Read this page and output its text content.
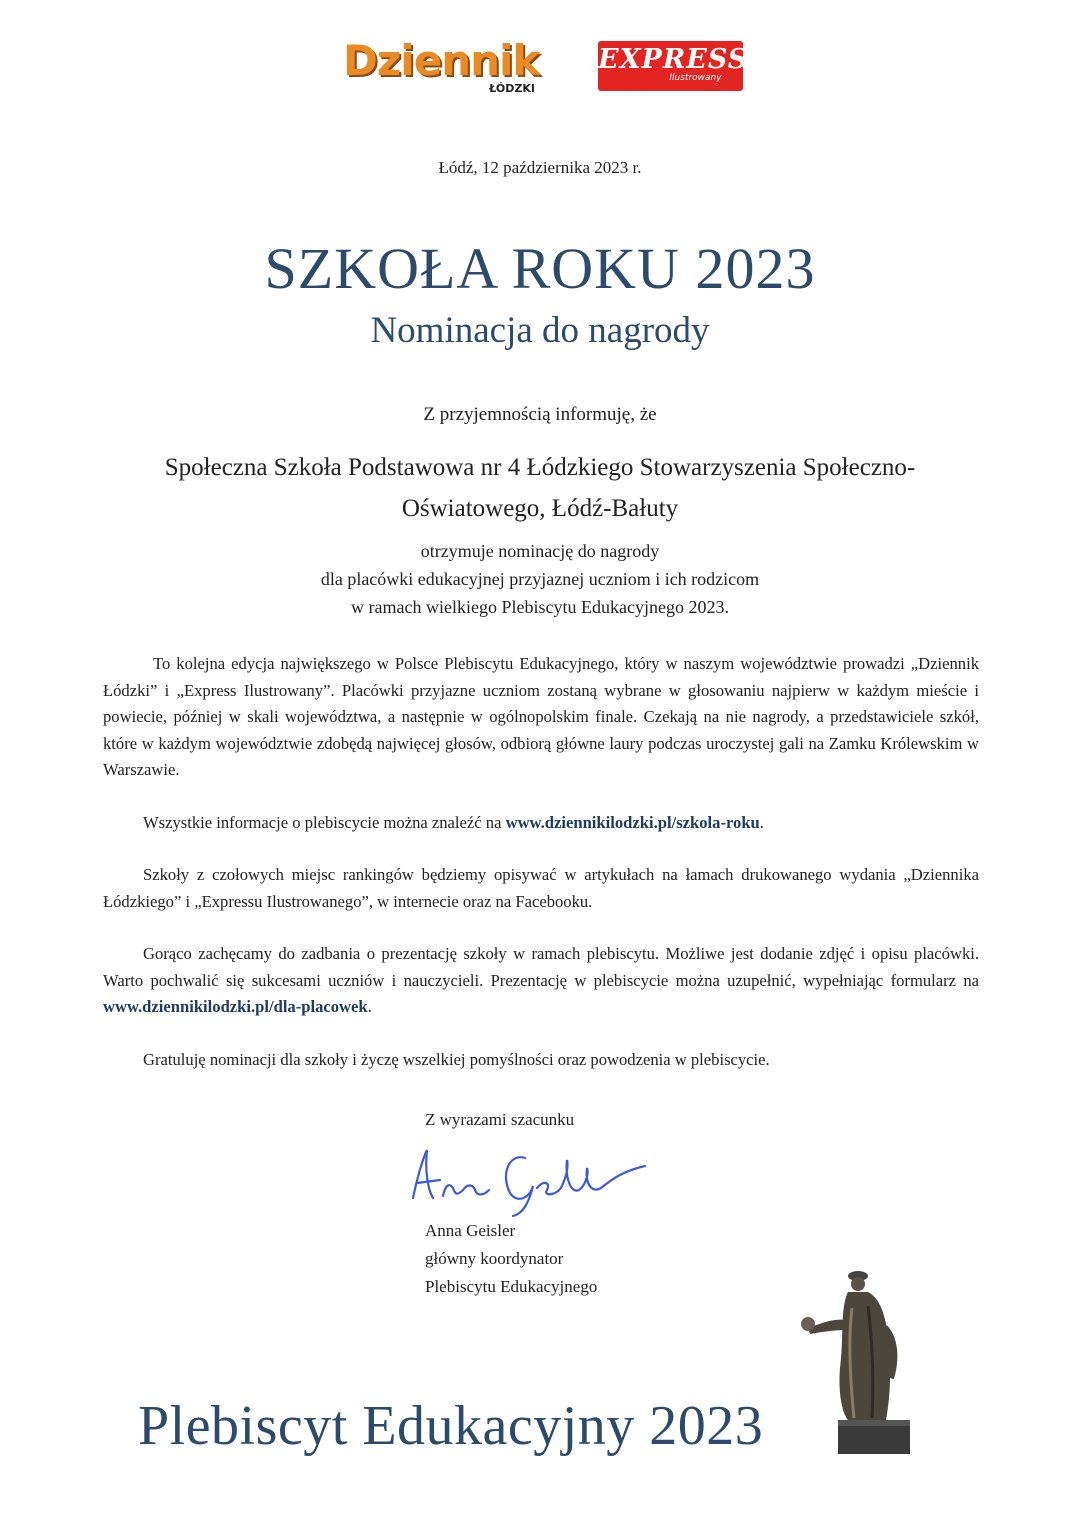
Dziennik
ŁÓDZKI
EXPRESS
Ilustrowany
Łódź, 12 października 2023 r.
SZKOŁA ROKU 2023
Nominacja do nagrody
Z przyjemnością informuję, że
Społeczna Szkoła Podstawowa nr 4 Łódzkiego Stowarzyszenia Społeczno-
Oświatowego, Łódź-Bałuty
otrzymuje nominację do nagrody
dla placówki edukacyjnej przyjaznej uczniom i ich rodzicom
w ramach wielkiego Plebiscytu Edukacyjnego 2023.

To kolejna edycja największego w Polsce Plebiscytu Edukacyjnego, który w naszym województwie prowadzi „Dziennik Łódzki” i „Express Ilustrowany”. Placówki przyjazne uczniom zostaną wybrane w głosowaniu najpierw w każdym mieście i powiecie, później w skali województwa, a następnie w ogólnopolskim finale. Czekają na nie nagrody, a przedstawiciele szkół, które w każdym województwie zdobędą najwięcej głosów, odbiorą główne laury podczas uroczystej gali na Zamku Królewskim w Warszawie.

Wszystkie informacje o plebiscycie można znaleźć na www.dziennikilodzki.pl/szkola-roku.

Szkoły z czołowych miejsc rankingów będziemy opisywać w artykułach na łamach drukowanego wydania „Dziennika Łódzkiego” i „Expressu Ilustrowanego”, w internecie oraz na Facebooku.

Gorąco zachęcamy do zadbania o prezentację szkoły w ramach plebiscytu. Możliwe jest dodanie zdjęć i opisu placówki. Warto pochwalić się sukcesami uczniów i nauczycieli. Prezentację w plebiscycie można uzupełnić, wypełniając formularz na www.dziennikilodzki.pl/dla-placowek.

Gratuluję nominacji dla szkoły i życzę wszelkiej pomyślności oraz powodzenia w plebiscycie.

Z wyrazami szacunku
Anna Geisler
główny koordynator
Plebiscytu Edukacyjnego
Plebiscyt Edukacyjny 2023
